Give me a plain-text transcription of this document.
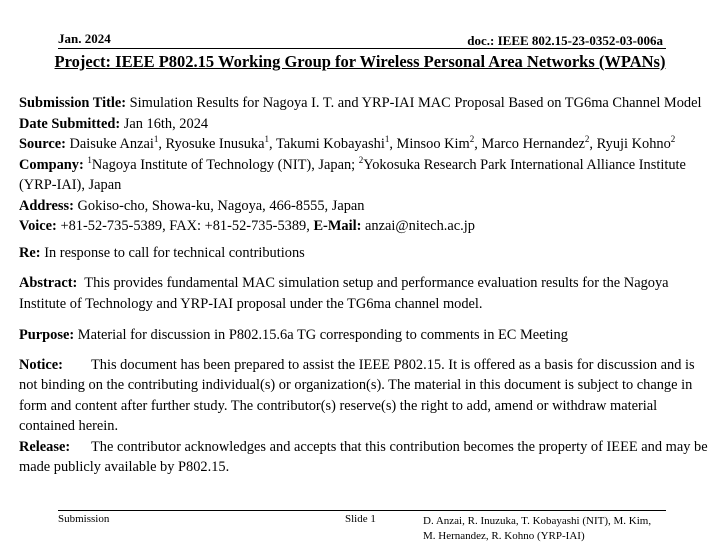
Jan. 2024	doc.: IEEE 802.15-23-0352-03-006a
Project: IEEE P802.15 Working Group for Wireless Personal Area Networks (WPANs)

Submission Title: Simulation Results for Nagoya I. T. and YRP-IAI MAC Proposal Based on TG6ma Channel Model

Date Submitted: Jan 16th, 2024

Source: Daisuke Anzai$^1$, Ryosuke Inusuka$^1$, Takumi Kobayashi$^1$, Minsoo Kim$^2$, Marco Hernandez$^2$, Ryuji Kohno$^2$

Company: $^1$Nagoya Institute of Technology (NIT), Japan; $^2$Yokosuka Research Park International Alliance Institute (YRP-IAI), Japan

Address: Gokiso-cho, Showa-ku, Nagoya, 466-8555, Japan

Voice: +81-52-735-5389, FAX: +81-52-735-5389, E-Mail: anzai@nitech.ac.jp

Re: In response to call for technical contributions

Abstract: This provides fundamental MAC simulation setup and performance evaluation results for the Nagoya Institute of Technology and YRP-IAI proposal under the TG6ma channel model.

Purpose: Material for discussion in P802.15.6a TG corresponding to comments in EC Meeting

Notice: This document has been prepared to assist the IEEE P802.15. It is offered as a basis for discussion and is not binding on the contributing individual(s) or organization(s). The material in this document is subject to change in form and content after further study. The contributor(s) reserve(s) the right to add, amend or withdraw material contained herein.

Release: The contributor acknowledges and accepts that this contribution becomes the property of IEEE and may be made publicly available by P802.15.

Submission	Slide 1	D. Anzai, R. Inuzuka, T. Kobayashi (NIT), M. Kim,
M. Hernandez, R. Kohno (YRP-IAI)
